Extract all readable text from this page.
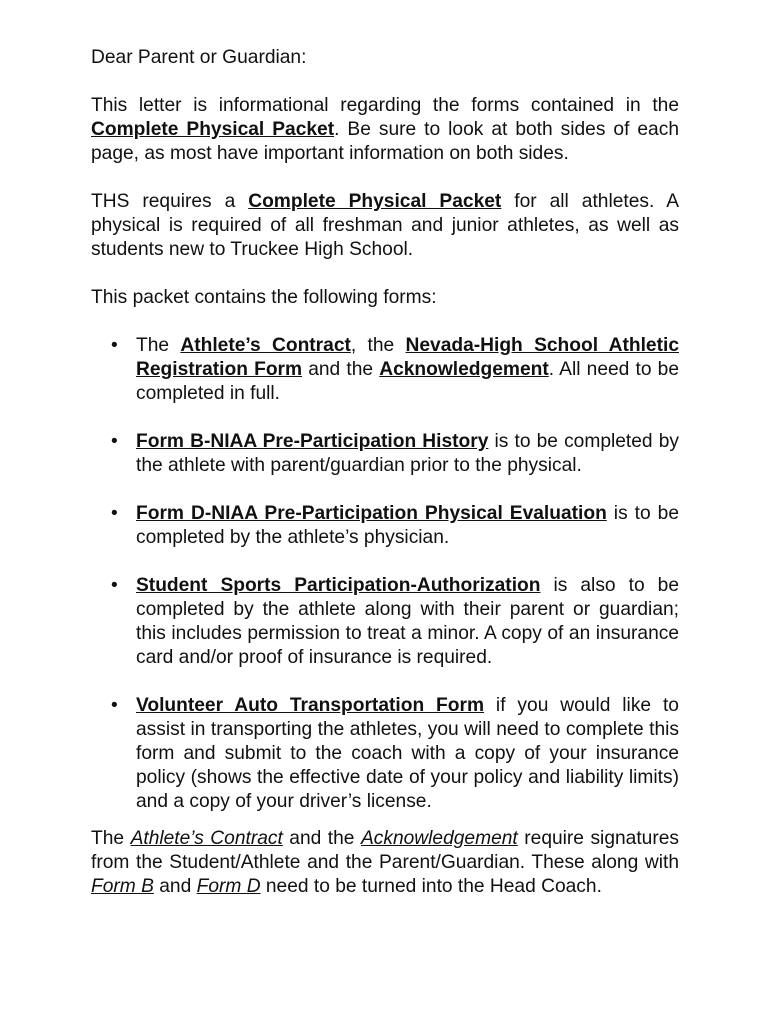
Dear Parent or Guardian:

This letter is informational regarding the forms contained in the Complete Physical Packet. Be sure to look at both sides of each page, as most have important information on both sides.

THS requires a Complete Physical Packet for all athletes. A physical is required of all freshman and junior athletes, as well as students new to Truckee High School.

This packet contains the following forms:

• The Athlete’s Contract, the Nevada-High School Athletic Registration Form and the Acknowledgement. All need to be completed in full.
• Form B-NIAA Pre-Participation History is to be completed by the athlete with parent/guardian prior to the physical.
• Form D-NIAA Pre-Participation Physical Evaluation is to be completed by the athlete’s physician.
• Student Sports Participation-Authorization is also to be completed by the athlete along with their parent or guardian; this includes permission to treat a minor. A copy of an insurance card and/or proof of insurance is required.
• Volunteer Auto Transportation Form if you would like to assist in transporting the athletes, you will need to complete this form and submit to the coach with a copy of your insurance policy (shows the effective date of your policy and liability limits) and a copy of your driver’s license.

The Athlete’s Contract and the Acknowledgement require signatures from the Student/Athlete and the Parent/Guardian. These along with Form B and Form D need to be turned into the Head Coach.
